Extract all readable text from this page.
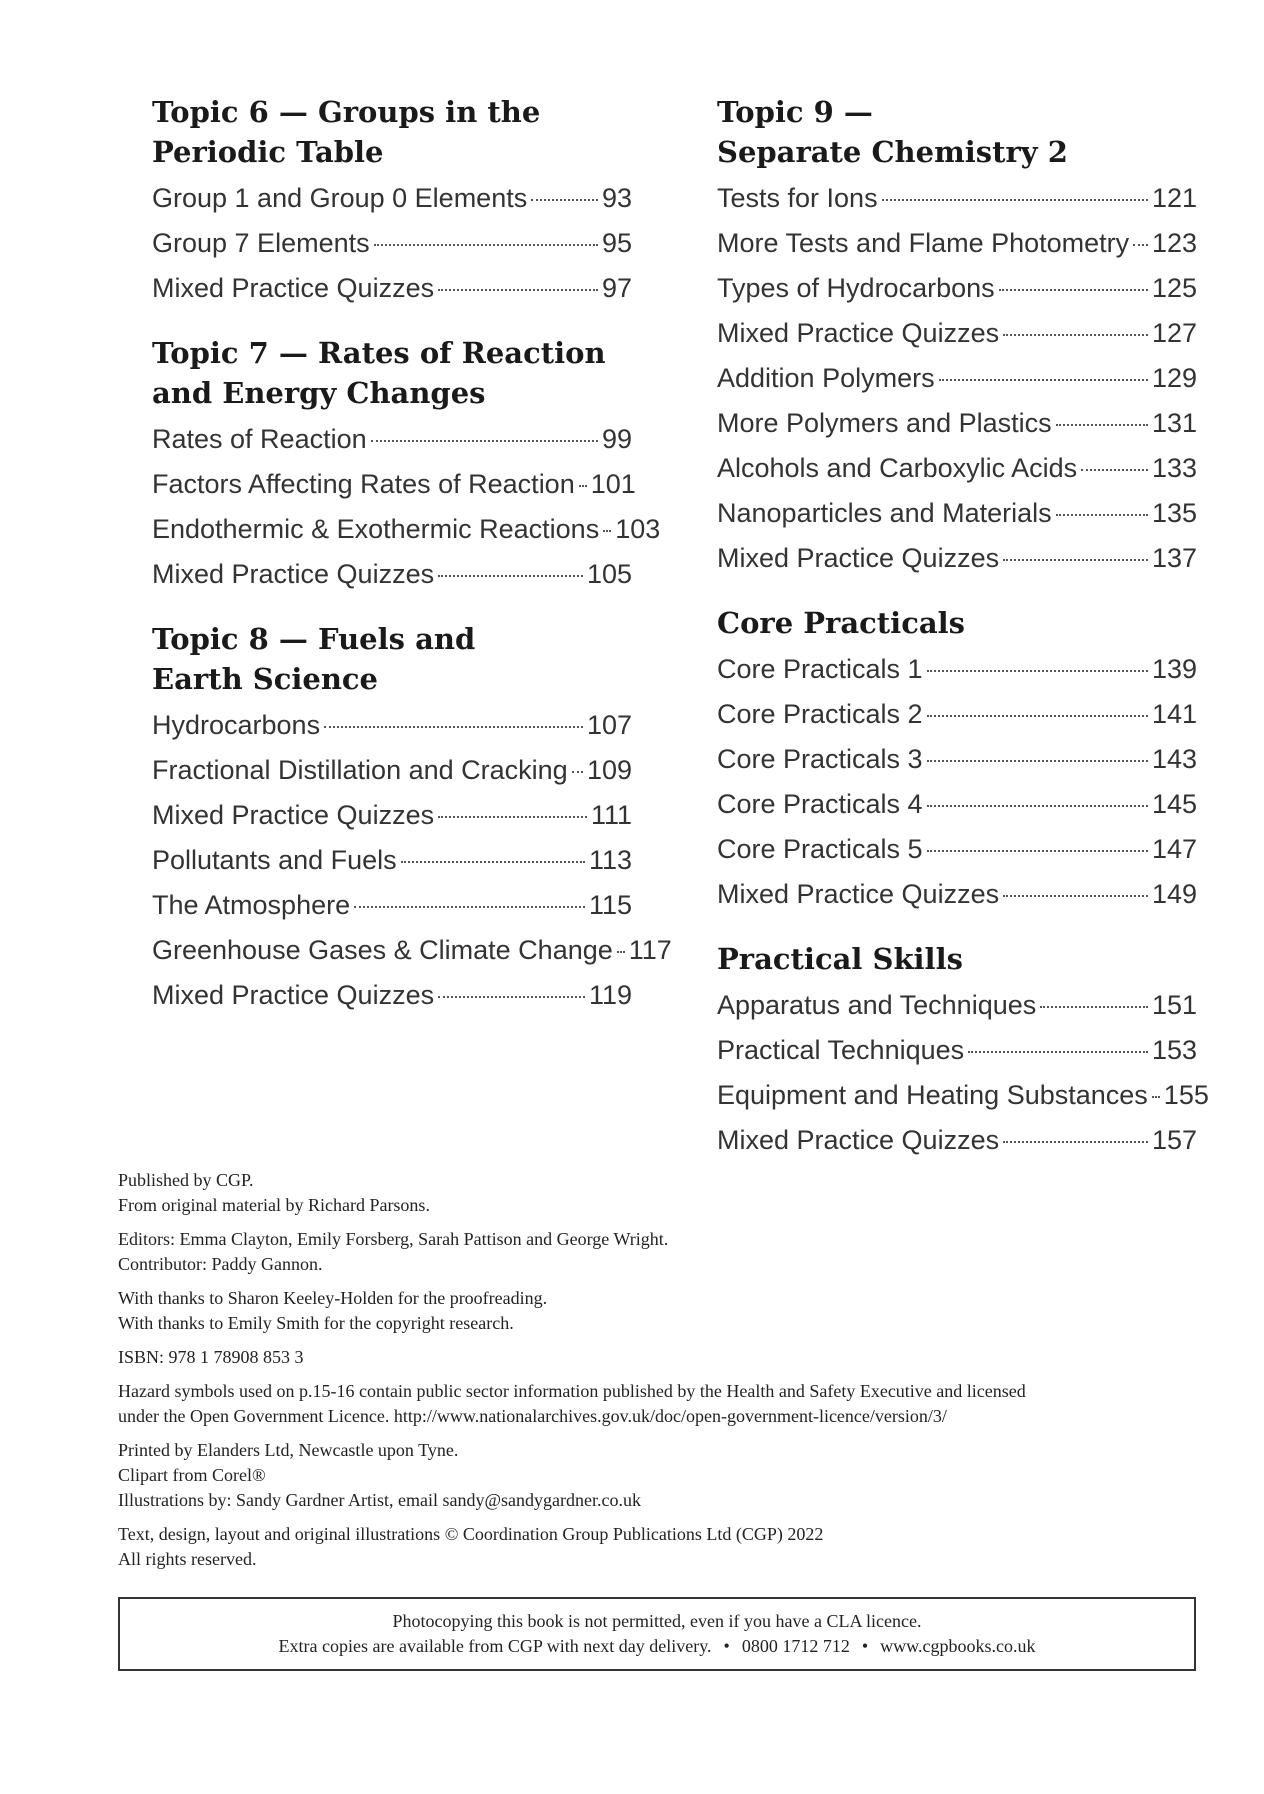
Topic 6 — Groups in the
Periodic Table
Group 1 and Group 0 Elements	93
Group 7 Elements	95
Mixed Practice Quizzes	97
Topic 7 — Rates of Reaction
and Energy Changes
Rates of Reaction	99
Factors Affecting Rates of Reaction 101
Endothermic & Exothermic Reactions 103
Mixed Practice Quizzes	105
Topic 8 — Fuels and
Earth Science
Hydrocarbons	107
Fractional Distillation and Cracking 109
Mixed Practice Quizzes	111
Pollutants and Fuels	113
The Atmosphere	115
Greenhouse Gases & Climate Change 117
Mixed Practice Quizzes	119
Topic 9 —
Separate Chemistry 2
Tests for Ions	121
More Tests and Flame Photometry 123
Types of Hydrocarbons	125
Mixed Practice Quizzes	127
Addition Polymers	129
More Polymers and Plastics	131
Alcohols and Carboxylic Acids	133
Nanoparticles and Materials	135
Mixed Practice Quizzes	137
Core Practicals
Core Practicals 1	139
Core Practicals 2	141
Core Practicals 3	143
Core Practicals 4	145
Core Practicals 5	147
Mixed Practice Quizzes	149
Practical Skills
Apparatus and Techniques	151
Practical Techniques	153
Equipment and Heating Substances 155
Mixed Practice Quizzes	157

Published by CGP.
From original material by Richard Parsons.

Editors: Emma Clayton, Emily Forsberg, Sarah Pattison and George Wright.
Contributor: Paddy Gannon.

With thanks to Sharon Keeley-Holden for the proofreading.
With thanks to Emily Smith for the copyright research.

ISBN: 978 1 78908 853 3

Hazard symbols used on p.15-16 contain public sector information published by the Health and Safety Executive and licensed
under the Open Government Licence. http://www.nationalarchives.gov.uk/doc/open-government-licence/version/3/

Printed by Elanders Ltd, Newcastle upon Tyne.
Clipart from Corel®
Illustrations by: Sandy Gardner Artist, email sandy@sandygardner.co.uk

Text, design, layout and original illustrations © Coordination Group Publications Ltd (CGP) 2022
All rights reserved.

Photocopying this book is not permitted, even if you have a CLA licence.
Extra copies are available from CGP with next day delivery. • 0800 1712 712 • www.cgpbooks.co.uk
